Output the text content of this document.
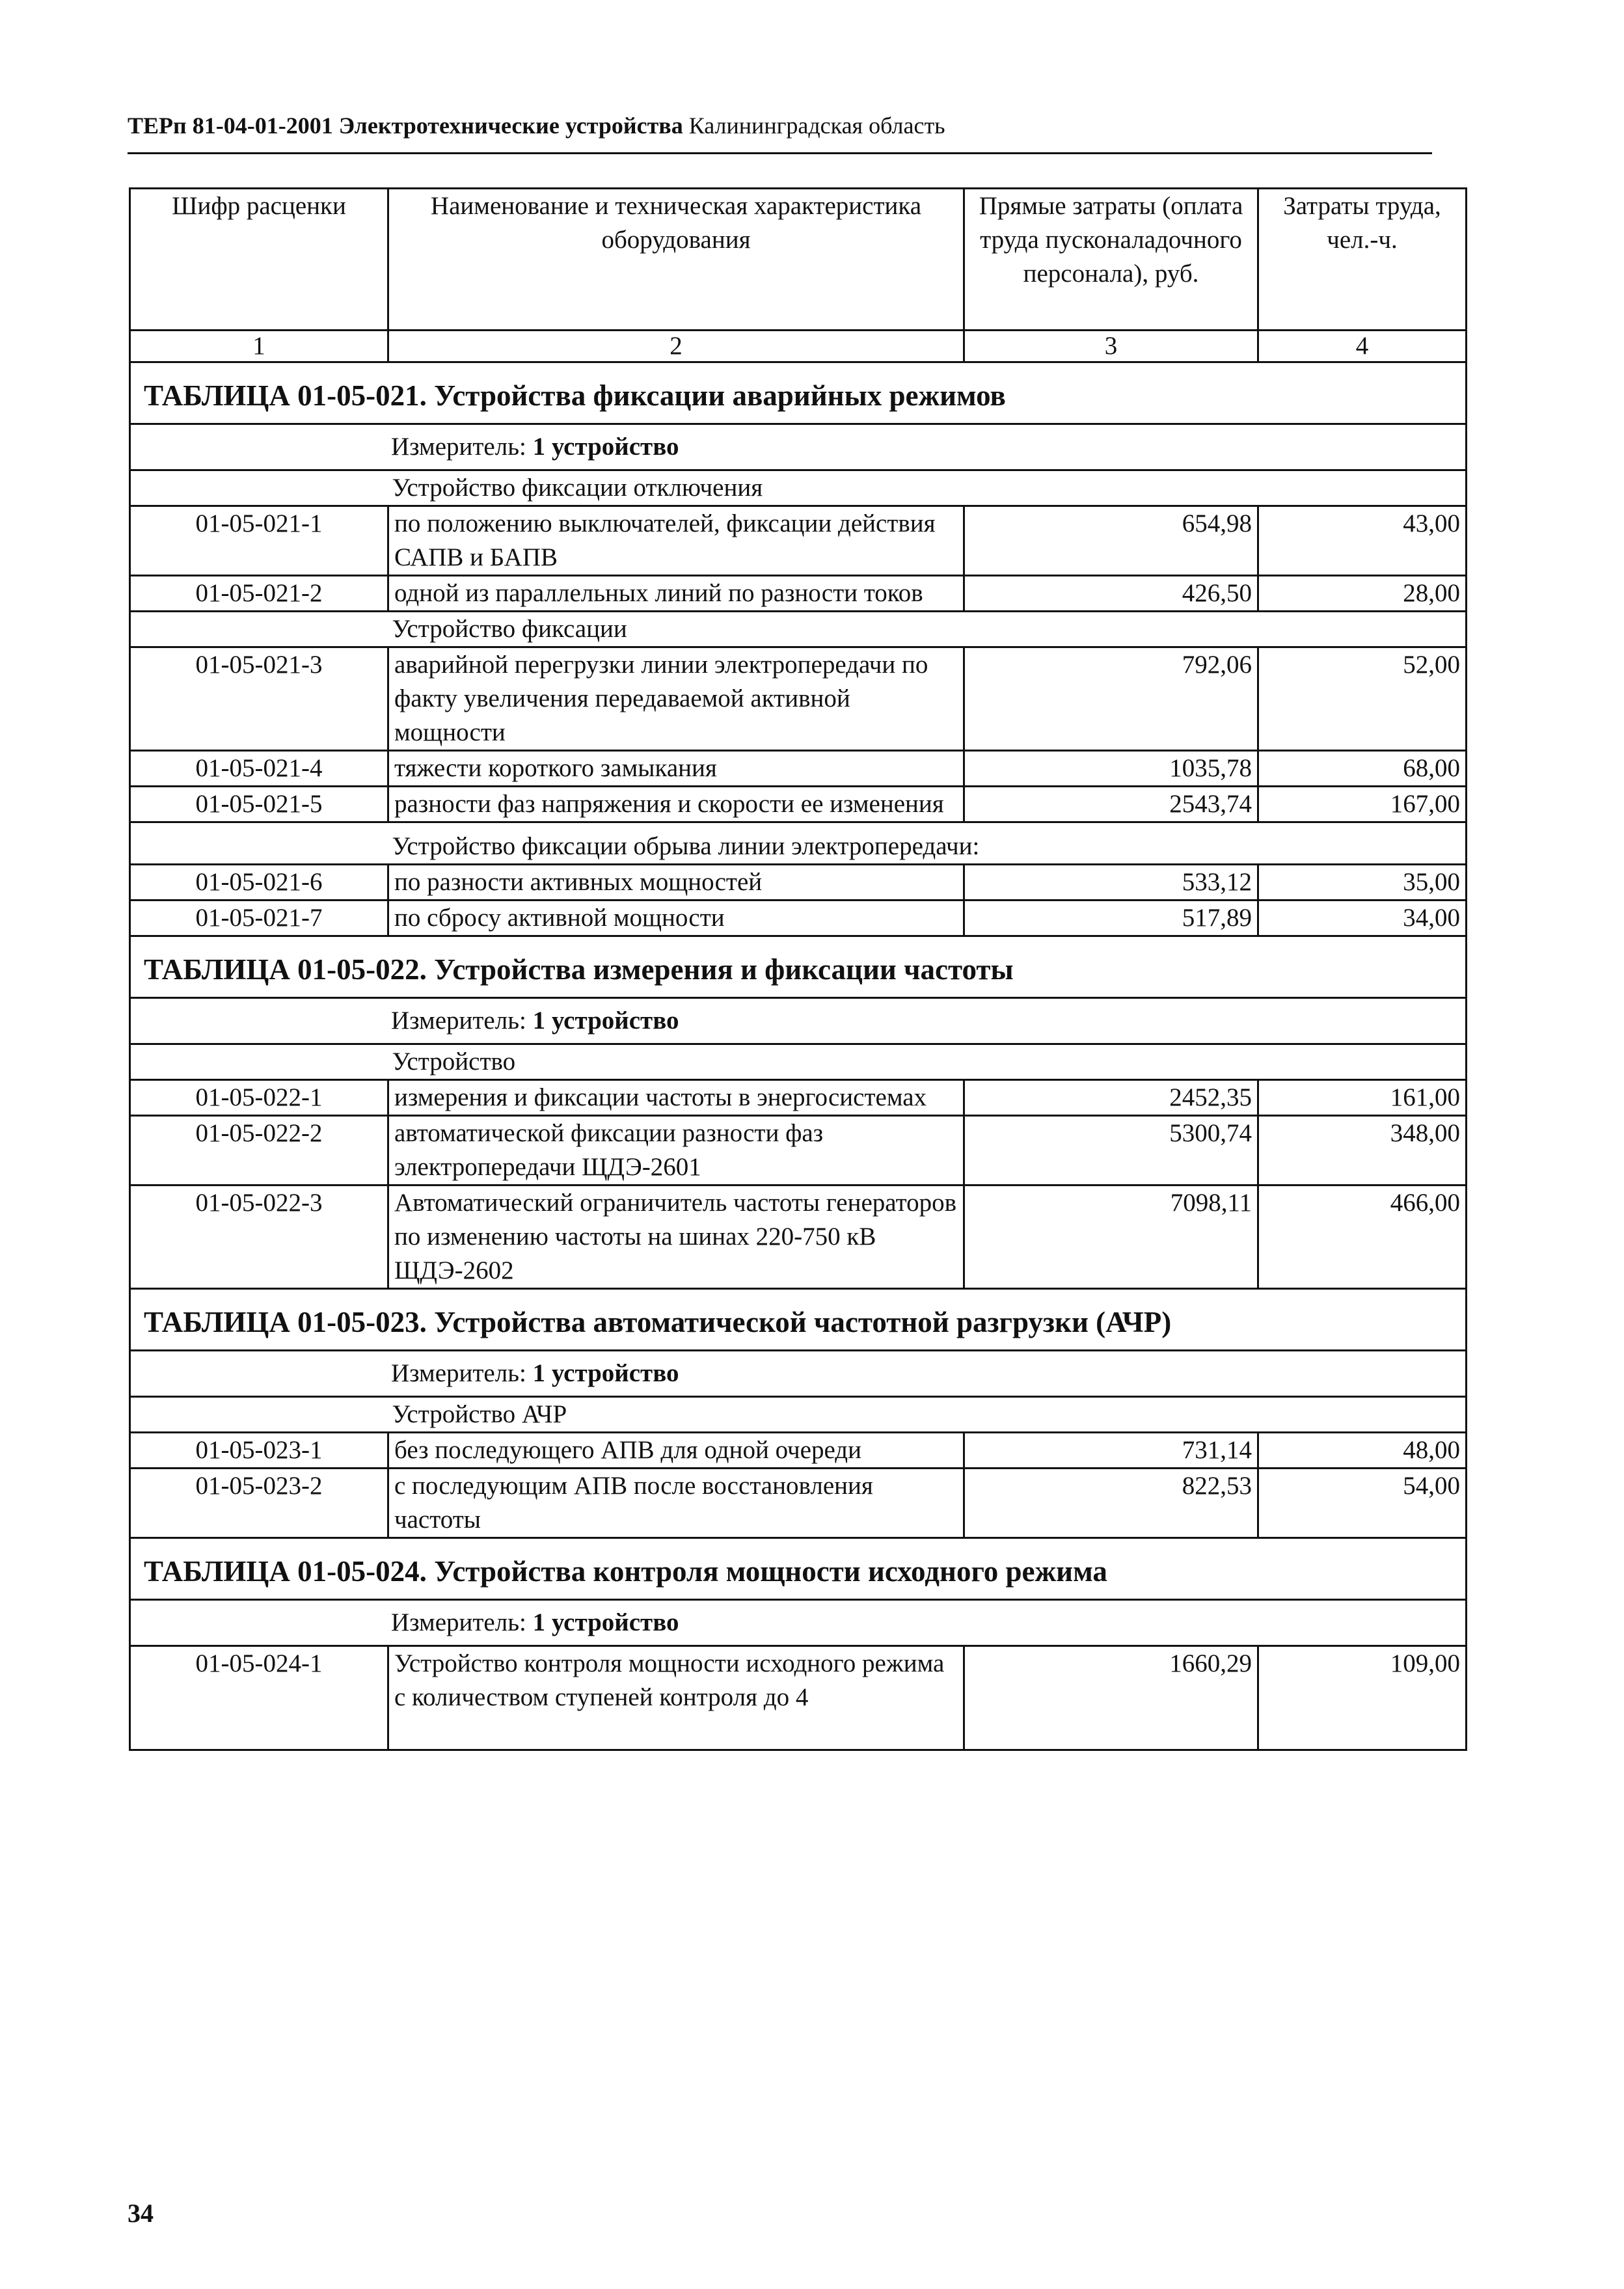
ТЕРп 81-04-01-2001 Электротехнические устройства Калининградская область
Шифр расценки	Наименование и техническая характеристика оборудования	Прямые затраты (оплата труда пусконаладочного персонала), руб.	Затраты труда, чел.-ч.
1	2	3	4
ТАБЛИЦА 01-05-021. Устройства фиксации аварийных режимов			
Измеритель: 1 устройство			
	Устройство фиксации отключения		
01-05-021-1	по положению выключателей, фиксации действия САПВ и БАПВ	654,98	43,00
01-05-021-2	одной из параллельных линий по разности токов	426,50	28,00
	Устройство фиксации		
01-05-021-3	аварийной перегрузки линии электропередачи по факту увеличения передаваемой активной мощности	792,06	52,00
01-05-021-4	тяжести короткого замыкания	1035,78	68,00
01-05-021-5	разности фаз напряжения и скорости ее изменения	2543,74	167,00
	Устройство фиксации обрыва линии электропередачи:		
01-05-021-6	по разности активных мощностей	533,12	35,00
01-05-021-7	по сбросу активной мощности	517,89	34,00
ТАБЛИЦА 01-05-022. Устройства измерения и фиксации частоты			
Измеритель: 1 устройство			
	Устройство		
01-05-022-1	измерения и фиксации частоты в энергосистемах	2452,35	161,00
01-05-022-2	автоматической фиксации разности фаз электропередачи ЩДЭ-2601	5300,74	348,00
01-05-022-3	Автоматический ограничитель частоты генераторов по изменению частоты на шинах 220-750 кВ ЩДЭ-2602	7098,11	466,00
ТАБЛИЦА 01-05-023. Устройства автоматической частотной разгрузки (АЧР)			
Измеритель: 1 устройство			
	Устройство АЧР		
01-05-023-1	без последующего АПВ для одной очереди	731,14	48,00
01-05-023-2	с последующим АПВ после восстановления частоты	822,53	54,00
ТАБЛИЦА 01-05-024. Устройства контроля мощности исходного режима			
Измеритель: 1 устройство			
01-05-024-1	Устройство контроля мощности исходного режима с количеством ступеней контроля до 4	1660,29	109,00
34
